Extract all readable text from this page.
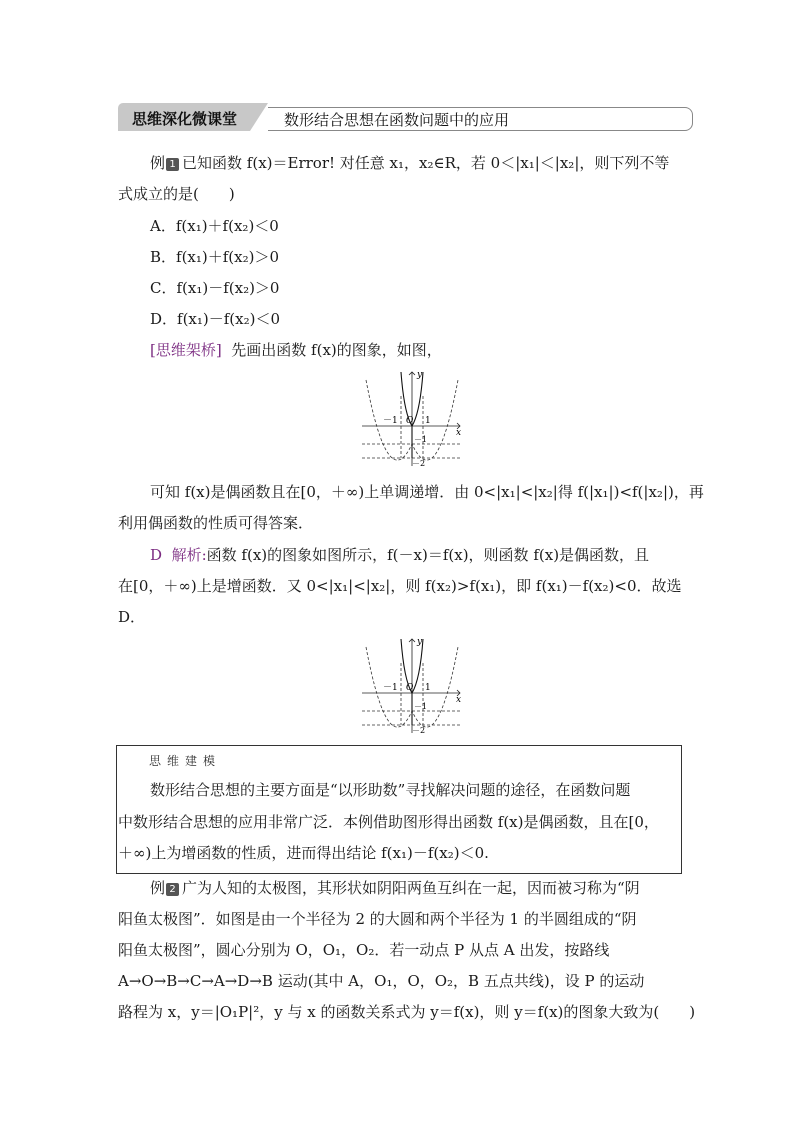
思维深化微课堂	数形结合思想在函数问题中的应用
例 1 已知函数 f(x)＝Error! 对任意 x₁，x₂∈R，若 0＜|x₁|＜|x₂|，则下列不等
式成立的是(　　)
A．f(x₁)＋f(x₂)＜0
B．f(x₁)＋f(x₂)＞0
C．f(x₁)－f(x₂)＞0
D．f(x₁)－f(x₂)＜0
[思维架桥] 先画出函数 f(x)的图象，如图，
y
x
O
－1	1
－1
－2
可知 f(x)是偶函数且在[0，＋∞)上单调递增．由 0<|x₁|<|x₂|得 f(|x₁|)<f(|x₂|)，再
利用偶函数的性质可得答案．
D 解析:函数 f(x)的图象如图所示，f(－x)＝f(x)，则函数 f(x)是偶函数，且
在[0，＋∞)上是增函数．又 0<|x₁|<|x₂|，则 f(x₂)>f(x₁)，即 f(x₁)－f(x₂)<0．故选
D．
y
x
O
－1	1
－1
－2
思维建模
数形结合思想的主要方面是“以形助数”寻找解决问题的途径，在函数问题
中数形结合思想的应用非常广泛．本例借助图形得出函数 f(x)是偶函数，且在[0，
＋∞)上为增函数的性质，进而得出结论 f(x₁)－f(x₂)＜0.
例 2 广为人知的太极图，其形状如阴阳两鱼互纠在一起，因而被习称为“阴
阳鱼太极图”．如图是由一个半径为 2 的大圆和两个半径为 1 的半圆组成的“阴
阳鱼太极图”，圆心分别为 O，O₁，O₂．若一动点 P 从点 A 出发，按路线
A→O→B→C→A→D→B 运动(其中 A，O₁，O，O₂，B 五点共线)，设 P 的运动
路程为 x，y＝|O₁P|²，y 与 x 的函数关系式为 y＝f(x)，则 y＝f(x)的图象大致为(　　)
